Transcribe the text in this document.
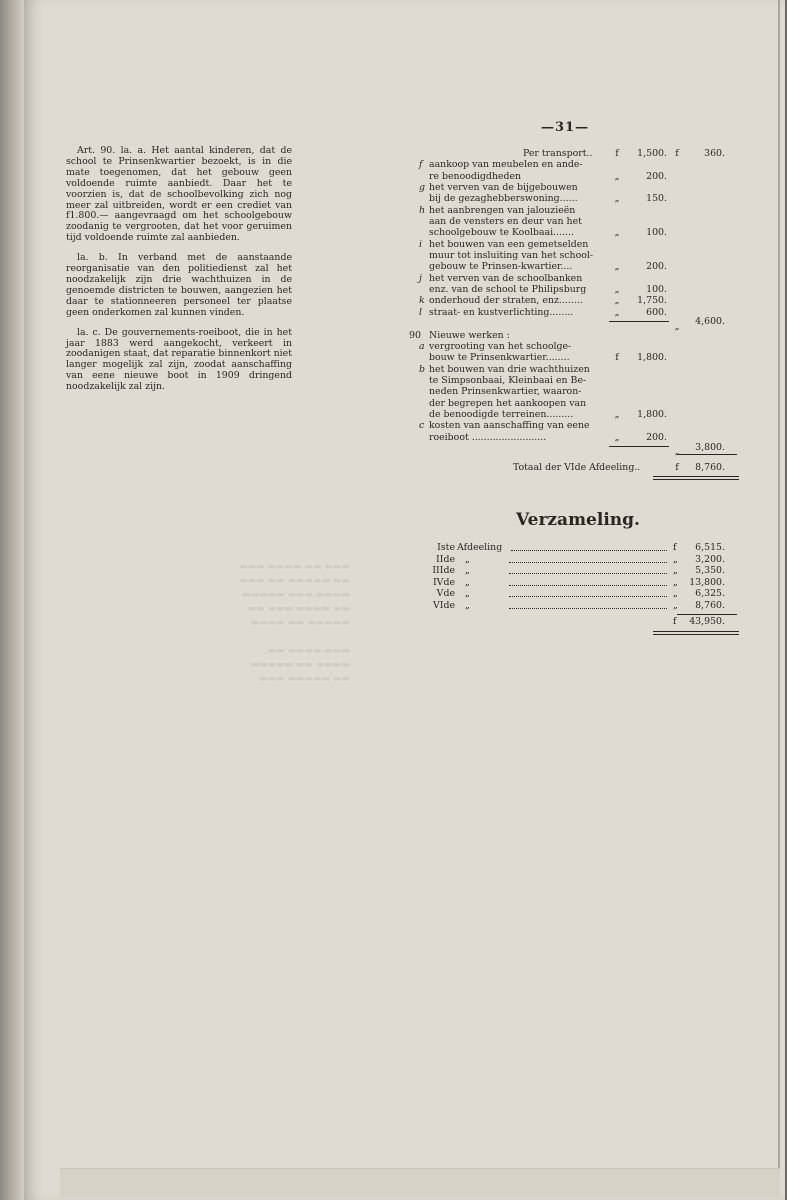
▬▬▬ ▬▬ ▬▬▬▬ ▬▬▬
▬▬ ▬▬▬▬▬ ▬▬ ▬▬▬
▬▬▬▬ ▬▬▬ ▬▬▬▬▬
▬▬ ▬▬▬▬ ▬▬▬ ▬▬
▬▬▬▬▬ ▬▬ ▬▬▬▬

▬▬▬ ▬▬▬▬ ▬▬
▬▬▬▬ ▬▬ ▬▬▬▬▬
▬▬ ▬▬▬▬▬ ▬▬▬

Art. 90. la. a. Het aantal kinderen, dat de school te Prinsenkwartier bezoekt, is in die mate toegenomen, dat het gebouw geen voldoende ruimte aanbiedt. Daar het te voorzien is, dat de schoolbevolking zich nog meer zal uitbreiden, wordt er een crediet van f1.800.— aangevraagd om het schoolgebouw zoodanig te vergrooten, dat het voor geruimen tijd voldoende ruimte zal aanbieden.

la. b. In verband met de aanstaande reorganisatie van den politiedienst zal het noodzakelijk zijn drie wachthuizen in de genoemde districten te bouwen, aangezien het daar te stationneeren personeel ter plaatse geen onderkomen zal kunnen vinden.

la. c. De gouvernements-roeiboot, die in het jaar 1883 werd aangekocht, verkeert in zoodanigen staat, dat reparatie binnenkort niet langer mogelijk zal zijn, zoodat aanschaffing van eene nieuwe boot in 1909 dringend noodzakelijk zal zijn.

—31—
Per transport..	f	1,500. f	360.
f aankoop van meubelen en ande-
re benoodigdheden	„	200.
g het verven van de bijgebouwen
bij de gezaghebberswoning......	„	150.
h het aanbrengen van jalouzieën
aan de vensters en deur van het
schoolgebouw te Koolbaai.......	„	100.
i het bouwen van een gemetselden
muur tot insluiting van het school-
gebouw te Prinsen-kwartier....	„	200.
j het verven van de schoolbanken
enz. van de school te Philipsburg	„	100.
k onderhoud der straten, enz........	„	1,750.
l straat- en kustverlichting........	„	600.
„	4,600.
90 Nieuwe werken :
a vergrooting van het schoolge-
bouw te Prinsenkwartier........	f	1,800.
b het bouwen van drie wachthuizen
te Simpsonbaai, Kleinbaai en Be-
neden Prinsenkwartier, waaron-
der begrepen het aankoopen van
de benoodigde terreinen.........	„	1,800.
c kosten van aanschaffing van eene
roeiboot .........................	„	200.
„	3,800.
Totaal der VIde Afdeeling..	f	8,760.
Verzameling.
Iste Afdeeling	f	6,515.
IIde „	„	3,200.
IIIde „	„	5,350.
IVde „	„	13,800.
Vde „	„	6,325.
VIde „	„	8,760.
f	43,950.
